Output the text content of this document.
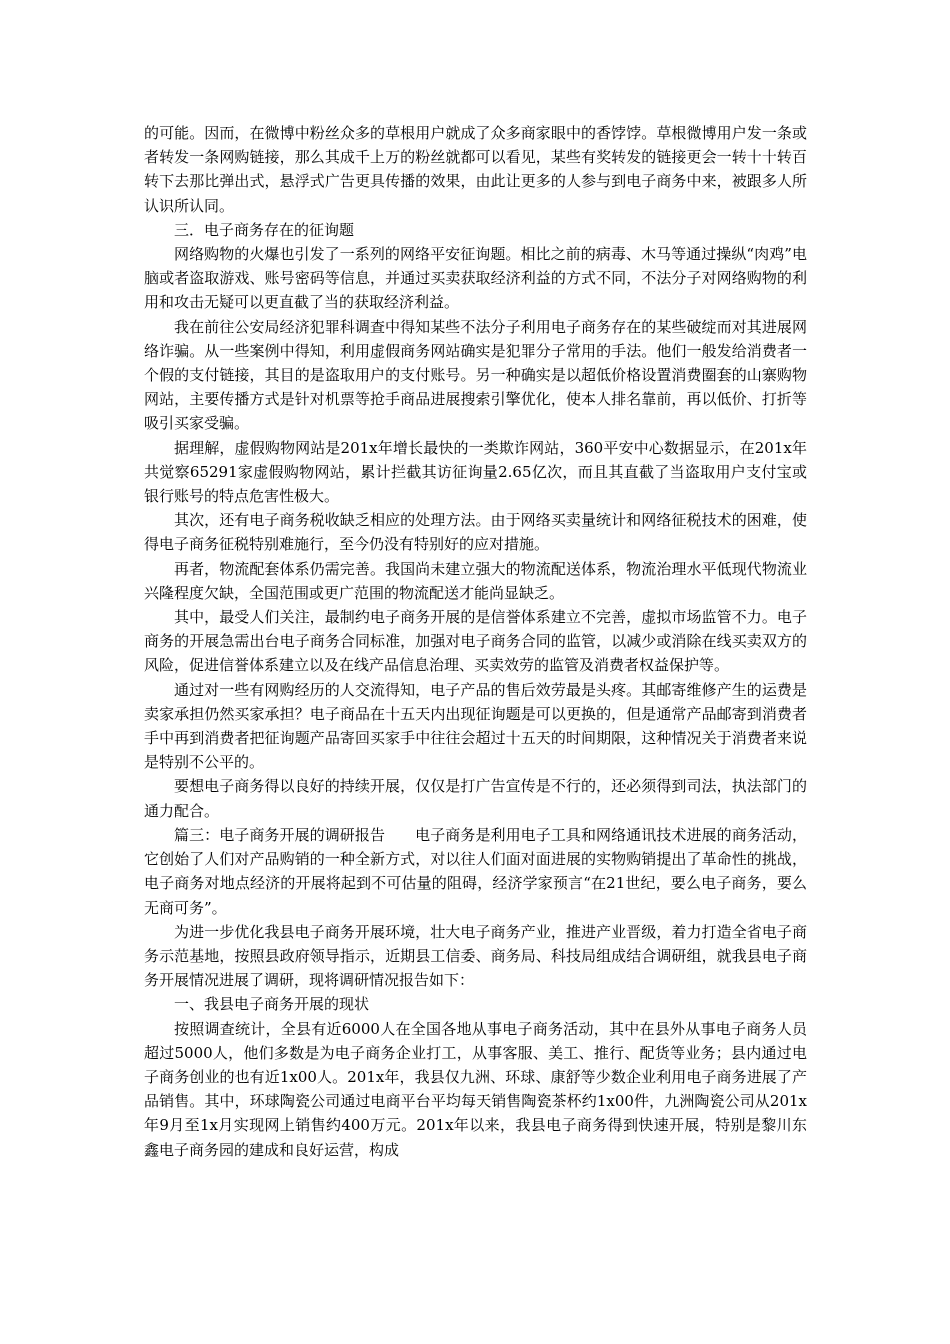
的可能。因而，在微博中粉丝众多的草根用户就成了众多商家眼中的香饽饽。草根微博用户发一条或者转发一条网购链接，那么其成千上万的粉丝就都可以看见，某些有奖转发的链接更会一转十十转百转下去那比弹出式，悬浮式广告更具传播的效果，由此让更多的人参与到电子商务中来，被跟多人所认识所认同。

三．电子商务存在的征询题

网络购物的火爆也引发了一系列的网络平安征询题。相比之前的病毒、木马等通过操纵“肉鸡”电脑或者盗取游戏、账号密码等信息，并通过买卖获取经济利益的方式不同，不法分子对网络购物的利用和攻击无疑可以更直截了当的获取经济利益。

我在前往公安局经济犯罪科调查中得知某些不法分子利用电子商务存在的某些破绽而对其进展网络诈骗。从一些案例中得知，利用虚假商务网站确实是犯罪分子常用的手法。他们一般发给消费者一个假的支付链接，其目的是盗取用户的支付账号。另一种确实是以超低价格设置消费圈套的山寨购物网站，主要传播方式是针对机票等抢手商品进展搜索引擎优化，使本人排名靠前，再以低价、打折等吸引买家受骗。

据理解，虚假购物网站是201x年增长最快的一类欺诈网站，360平安中心数据显示，在201x年共觉察65291家虚假购物网站，累计拦截其访征询量2.65亿次，而且其直截了当盗取用户支付宝或银行账号的特点危害性极大。

其次，还有电子商务税收缺乏相应的处理方法。由于网络买卖量统计和网络征税技术的困难，使得电子商务征税特别难施行，至今仍没有特别好的应对措施。

再者，物流配套体系仍需完善。我国尚未建立强大的物流配送体系，物流治理水平低现代物流业兴隆程度欠缺，全国范围或更广范围的物流配送才能尚显缺乏。

其中，最受人们关注，最制约电子商务开展的是信誉体系建立不完善，虚拟市场监管不力。电子商务的开展急需出台电子商务合同标准，加强对电子商务合同的监管，以减少或消除在线买卖双方的风险，促进信誉体系建立以及在线产品信息治理、买卖效劳的监管及消费者权益保护等。

通过对一些有网购经历的人交流得知，电子产品的售后效劳最是头疼。其邮寄维修产生的运费是卖家承担仍然买家承担？电子商品在十五天内出现征询题是可以更换的，但是通常产品邮寄到消费者手中再到消费者把征询题产品寄回买家手中往往会超过十五天的时间期限，这种情况关于消费者来说是特别不公平的。

要想电子商务得以良好的持续开展，仅仅是打广告宣传是不行的，还必须得到司法，执法部门的通力配合。

篇三：电子商务开展的调研报告　　电子商务是利用电子工具和网络通讯技术进展的商务活动，它创始了人们对产品购销的一种全新方式，对以往人们面对面进展的实物购销提出了革命性的挑战，电子商务对地点经济的开展将起到不可估量的阻碍，经济学家预言“在21世纪，要么电子商务，要么无商可务”。

为进一步优化我县电子商务开展环境，壮大电子商务产业，推进产业晋级，着力打造全省电子商务示范基地，按照县政府领导指示，近期县工信委、商务局、科技局组成结合调研组，就我县电子商务开展情况进展了调研，现将调研情况报告如下：

一、我县电子商务开展的现状

按照调查统计，全县有近6000人在全国各地从事电子商务活动，其中在县外从事电子商务人员超过5000人，他们多数是为电子商务企业打工，从事客服、美工、推行、配货等业务；县内通过电子商务创业的也有近1x00人。201x年，我县仅九洲、环球、康舒等少数企业利用电子商务进展了产品销售。其中，环球陶瓷公司通过电商平台平均每天销售陶瓷茶杯约1x00件，九洲陶瓷公司从201x年9月至1x月实现网上销售约400万元。201x年以来，我县电子商务得到快速开展，特别是黎川东鑫电子商务园的建成和良好运营，构成
